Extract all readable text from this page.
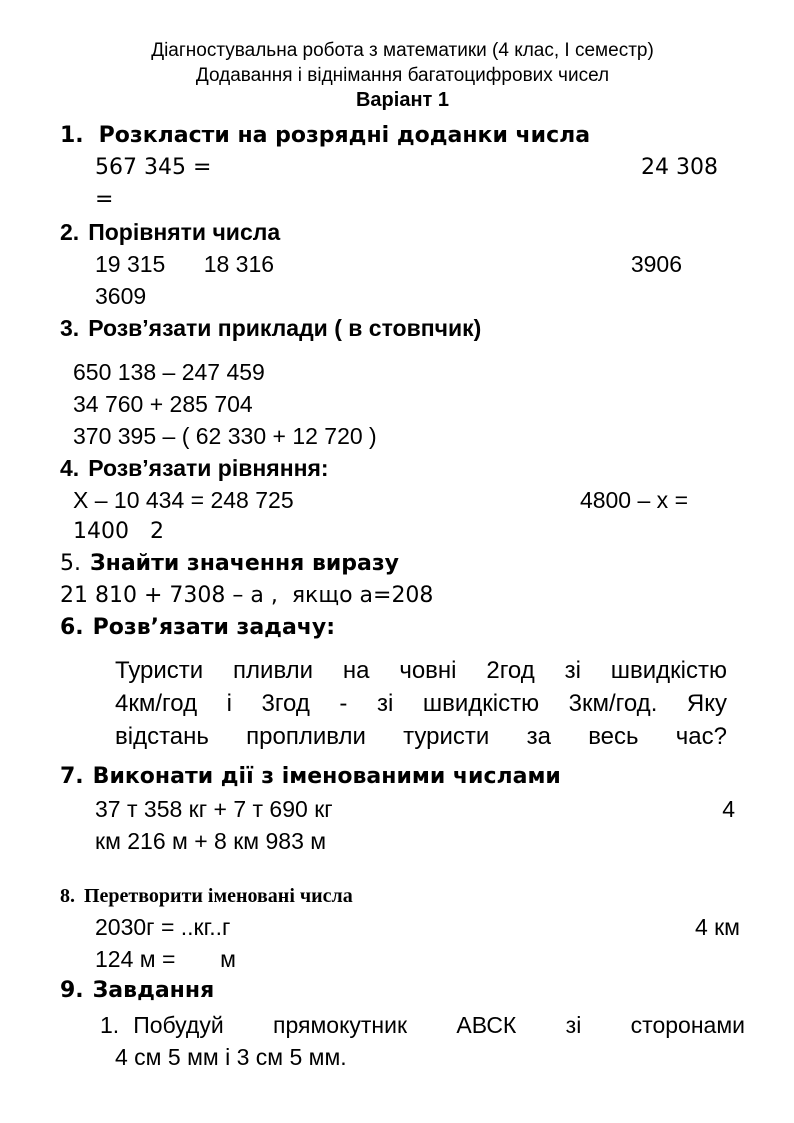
Діагностувальна робота з математики (4 клас, І семестр)
Додавання і віднімання багатоцифрових чисел
Варіант 1
1. Розкласти на розрядні доданки числа
567 345 =	24 308
=
2. Порівняти числа
19 315      18 316	3906
3609
3. Розв’язати приклади ( в стовпчик)
650 138 – 247 459
34 760 + 285 704
370 395 – ( 62 330 + 12 720 )
4. Розв’язати рівняння:
Х – 10 434 = 248 725	4800 – х =
1400   2
5. Знайти значення виразу
21 810 + 7308 – а ,  якщо а=208
6. Розв’язати задачу:
Туристи пливли на човні 2год зі швидкістю
4км/год і 3год - зі швидкістю 3км/год. Яку
відстань пропливли туристи за весь час?
7. Виконати дії з іменованими числами
37 т 358 кг + 7 т 690 кг	4
км 216 м + 8 км 983 м
8. Перетворити іменовані числа
2030г = ..кг..г	4 км
124 м =       м
9. Завдання
1. Побудуй прямокутник АВСК зі сторонами
4 см 5 мм і 3 см 5 мм.
